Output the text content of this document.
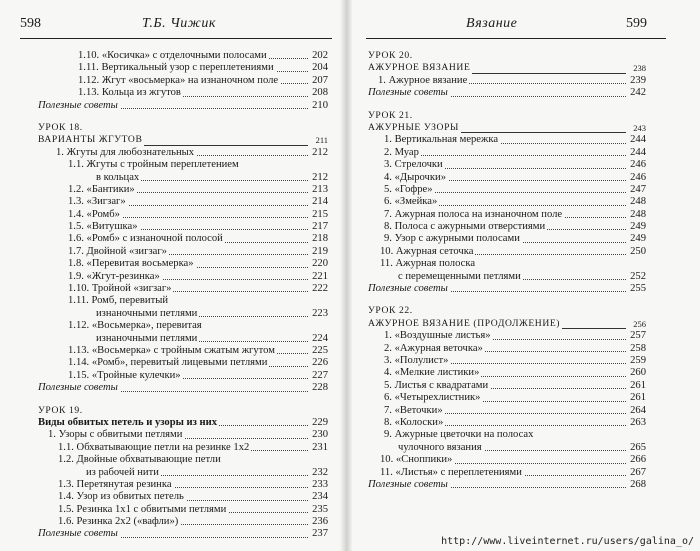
598	Т.Б. Чижик
1.10. «Косичка» с отделочными полосами	202
1.11. Вертикальный узор с переплетениями	204
1.12. Жгут «восьмерка» на изнаночном поле	207
1.13. Кольца из жгутов	208
Полезные советы	210
УРОК 18.
ВАРИАНТЫ ЖГУТОВ	211
1. Жгуты для любознательных	212
1.1. Жгуты с тройным переплетением
в кольцах	212
1.2. «Бантики»	213
1.3. «Зигзаг»	214
1.4. «Ромб»	215
1.5. «Витушка»	217
1.6. «Ромб» с изнаночной полосой	218
1.7. Двойной «зигзаг»	219
1.8. «Перевитая восьмерка»	220
1.9. «Жгут-резинка»	221
1.10. Тройной «зигзаг»	222
1.11. Ромб, перевитый
изнаночными петлями	223
1.12. «Восьмерка», перевитая
изнаночными петлями	224
1.13. «Восьмерка» с тройным сжатым жгутом	225
1.14. «Ромб», перевитый лицевыми петлями	226
1.15. «Тройные кулечки»	227
Полезные советы	228
УРОК 19.
Виды обвитых петель и узоры из них	229
1. Узоры с обвитыми петлями	230
1.1. Обхватывающие петли на резинке 1х2	231
1.2. Двойные обхватывающие петли
из рабочей нити	232
1.3. Перетянутая резинка	233
1.4. Узор из обвитых петель	234
1.5. Резинка 1х1 с обвитыми петлями	235
1.6. Резинка 2х2 («вафли»)	236
Полезные советы	237
Вязание	599
УРОК 20.
АЖУРНОЕ ВЯЗАНИЕ	238
1. Ажурное вязание	239
Полезные советы	242
УРОК 21.
АЖУРНЫЕ УЗОРЫ	243
1. Вертикальная мережка	244
2. Муар	244
3. Стрелочки	246
4. «Дырочки»	246
5. «Гофре»	247
6. «Змейка»	248
7. Ажурная полоса на изнаночном поле	248
8. Полоса с ажурными отверстиями	249
9. Узор с ажурными полосами	249
10. Ажурная сеточка	250
11. Ажурная полоска
с перемещенными петлями	252
Полезные советы	255
УРОК 22.
АЖУРНОЕ ВЯЗАНИЕ (ПРОДОЛЖЕНИЕ)	256
1. «Воздушные листья»	257
2. «Ажурная веточка»	258
3. «Полулист»	259
4. «Мелкие листики»	260
5. Листья с квадратами	261
6. «Четырехлистник»	261
7. «Веточки»	264
8. «Колоски»	263
9. Ажурные цветочки на полосах
чулочного вязания	265
10. «Сноппики»	266
11. «Листья» с переплетениями	267
Полезные советы	268
http://www.liveinternet.ru/users/galina_o/
